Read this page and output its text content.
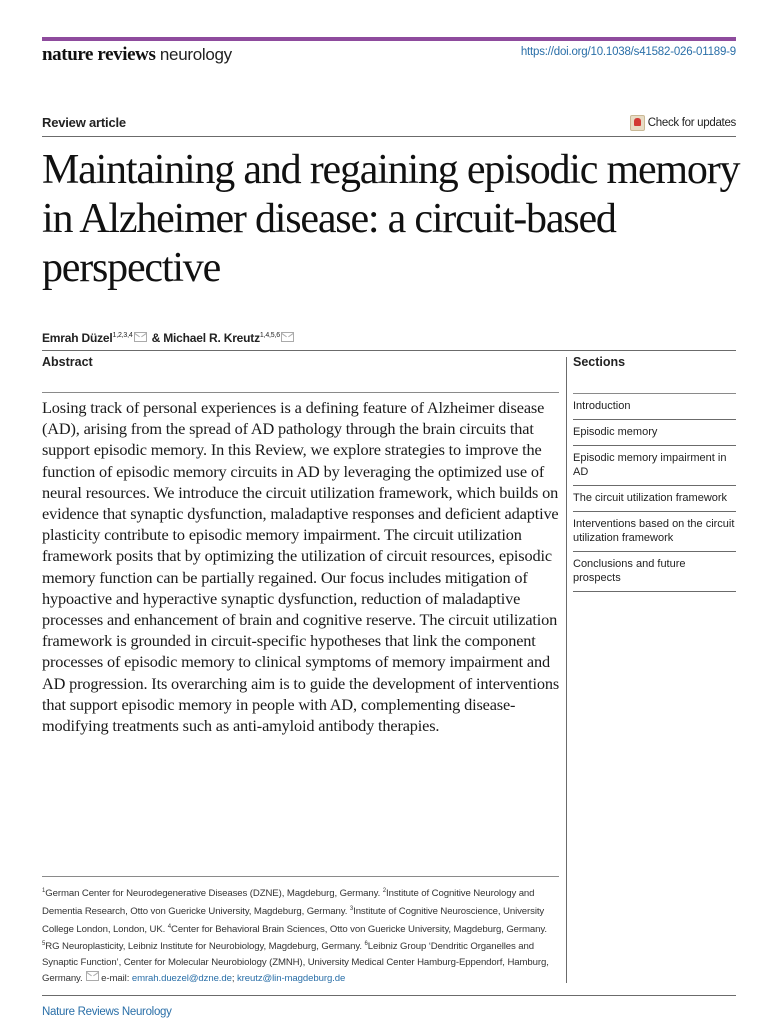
nature reviews neurology	https://doi.org/10.1038/s41582-026-01189-9
Review article	Check for updates
Maintaining and regaining episodic memory in Alzheimer disease: a circuit-based perspective
Emrah Düzel$^{1,2,3,4}$ & Michael R. Kreutz$^{1,4,5,6}$
Abstract

Losing track of personal experiences is a defining feature of Alzheimer disease (AD), arising from the spread of AD pathology through the brain circuits that support episodic memory. In this Review, we explore strategies to improve the function of episodic memory circuits in AD by leveraging the optimized use of neural resources. We introduce the circuit utilization framework, which builds on evidence that synaptic dysfunction, maladaptive responses and deficient adaptive plasticity contribute to episodic memory impairment. The circuit utilization framework posits that by optimizing the utilization of circuit resources, episodic memory function can be partially regained. Our focus includes mitigation of hypoactive and hyperactive synaptic dysfunction, reduction of maladaptive processes and enhancement of brain and cognitive reserve. The circuit utilization framework is grounded in circuit-specific hypotheses that link the component processes of episodic memory to clinical symptoms of memory impairment and AD progression. Its overarching aim is to guide the development of interventions that support episodic memory in people with AD, complementing disease-modifying treatments such as anti-amyloid antibody therapies.

Sections
Introduction
Episodic memory
Episodic memory impairment in AD
The circuit utilization framework
Interventions based on the circuit utilization framework
Conclusions and future prospects

$^1$German Center for Neurodegenerative Diseases (DZNE), Magdeburg, Germany. $^2$Institute of Cognitive Neurology and Dementia Research, Otto von Guericke University, Magdeburg, Germany. $^3$Institute of Cognitive Neuroscience, University College London, London, UK. $^4$Center for Behavioral Brain Sciences, Otto von Guericke University, Magdeburg, Germany. $^5$RG Neuroplasticity, Leibniz Institute for Neurobiology, Magdeburg, Germany. $^6$Leibniz Group ‘Dendritic Organelles and Synaptic Function’, Center for Molecular Neurobiology (ZMNH), University Medical Center Hamburg-Eppendorf, Hamburg, Germany. e-mail: emrah.duezel@dzne.de; kreutz@lin-magdeburg.de

Nature Reviews Neurology
